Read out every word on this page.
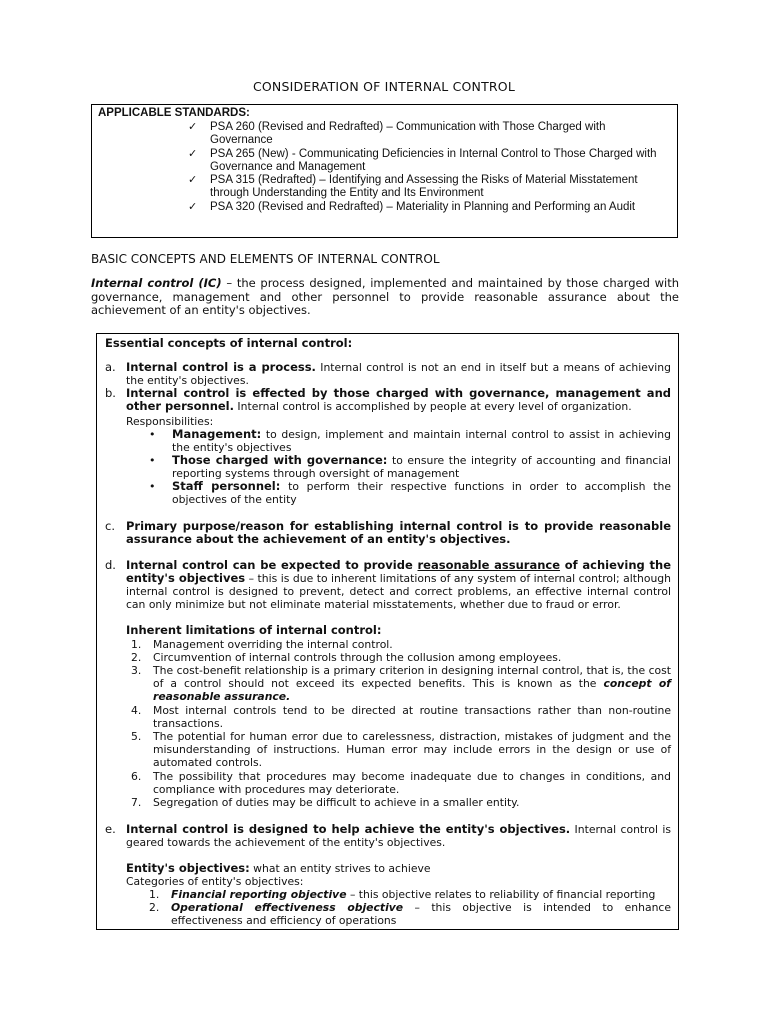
CONSIDERATION OF INTERNAL CONTROL
APPLICABLE STANDARDS:
✓ PSA 260 (Revised and Redrafted) – Communication with Those Charged with Governance
✓ PSA 265 (New) - Communicating Deficiencies in Internal Control to Those Charged with Governance and Management
✓ PSA 315 (Redrafted) – Identifying and Assessing the Risks of Material Misstatement through Understanding the Entity and Its Environment
✓ PSA 320 (Revised and Redrafted) – Materiality in Planning and Performing an Audit
BASIC CONCEPTS AND ELEMENTS OF INTERNAL CONTROL
Internal control (IC) – the process designed, implemented and maintained by those charged with governance, management and other personnel to provide reasonable assurance about the achievement of an entity's objectives.
Essential concepts of internal control:
a. Internal control is a process. Internal control is not an end in itself but a means of achieving the entity's objectives.
b. Internal control is effected by those charged with governance, management and other personnel. Internal control is accomplished by people at every level of organization.
Responsibilities:
• Management: to design, implement and maintain internal control to assist in achieving the entity's objectives
• Those charged with governance: to ensure the integrity of accounting and financial reporting systems through oversight of management
• Staff personnel: to perform their respective functions in order to accomplish the objectives of the entity
c. Primary purpose/reason for establishing internal control is to provide reasonable assurance about the achievement of an entity's objectives.
d. Internal control can be expected to provide reasonable assurance of achieving the entity's objectives – this is due to inherent limitations of any system of internal control; although internal control is designed to prevent, detect and correct problems, an effective internal control can only minimize but not eliminate material misstatements, whether due to fraud or error.
Inherent limitations of internal control:
1. Management overriding the internal control.
2. Circumvention of internal controls through the collusion among employees.
3. The cost-benefit relationship is a primary criterion in designing internal control, that is, the cost of a control should not exceed its expected benefits. This is known as the concept of reasonable assurance.
4. Most internal controls tend to be directed at routine transactions rather than non-routine transactions.
5. The potential for human error due to carelessness, distraction, mistakes of judgment and the misunderstanding of instructions. Human error may include errors in the design or use of automated controls.
6. The possibility that procedures may become inadequate due to changes in conditions, and compliance with procedures may deteriorate.
7. Segregation of duties may be difficult to achieve in a smaller entity.
e. Internal control is designed to help achieve the entity's objectives. Internal control is geared towards the achievement of the entity's objectives.
Entity's objectives: what an entity strives to achieve
Categories of entity's objectives:
1. Financial reporting objective – this objective relates to reliability of financial reporting
2. Operational effectiveness objective – this objective is intended to enhance effectiveness and efficiency of operations
